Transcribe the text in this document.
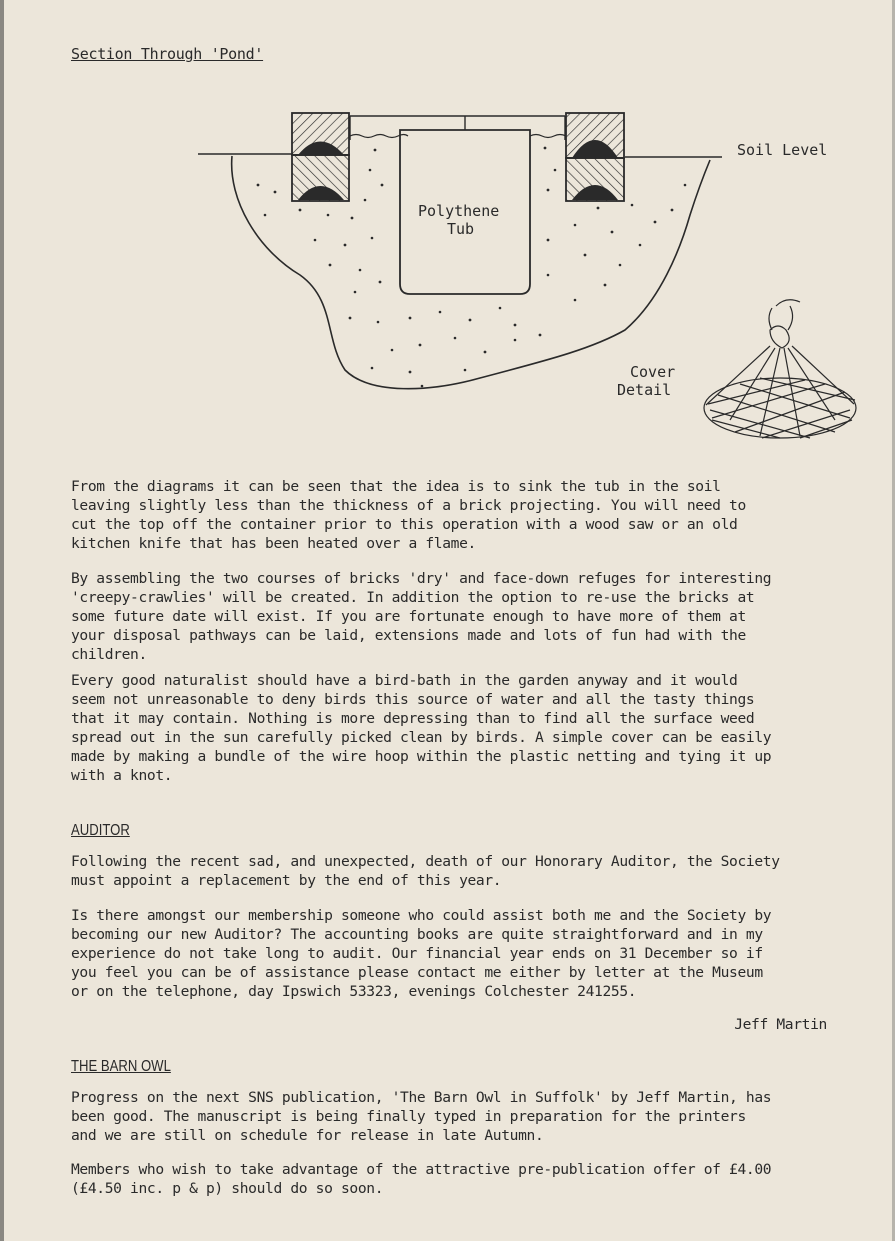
Section Through 'Pond'
Soil Level
Polythene
Tub
Cover
Detail

From the diagrams it can be seen that the idea is to sink the tub in the soil
leaving slightly less than the thickness of a brick projecting. You will need to
cut the top off the container prior to this operation with a wood saw or an old
kitchen knife that has been heated over a flame.

By assembling the two courses of bricks 'dry' and face-down refuges for interesting
'creepy-crawlies' will be created. In addition the option to re-use the bricks at
some future date will exist. If you are fortunate enough to have more of them at
your disposal pathways can be laid, extensions made and lots of fun had with the
children.

Every good naturalist should have a bird-bath in the garden anyway and it would
seem not unreasonable to deny birds this source of water and all the tasty things
that it may contain. Nothing is more depressing than to find all the surface weed
spread out in the sun carefully picked clean by birds. A simple cover can be easily
made by making a bundle of the wire hoop within the plastic netting and tying it up
with a knot.

AUDITOR

Following the recent sad, and unexpected, death of our Honorary Auditor, the Society
must appoint a replacement by the end of this year.

Is there amongst our membership someone who could assist both me and the Society by
becoming our new Auditor? The accounting books are quite straightforward and in my
experience do not take long to audit. Our financial year ends on 31 December so if
you feel you can be of assistance please contact me either by letter at the Museum
or on the telephone, day Ipswich 53323, evenings Colchester 241255.

Jeff Martin
THE BARN OWL

Progress on the next SNS publication, 'The Barn Owl in Suffolk' by Jeff Martin, has
been good. The manuscript is being finally typed in preparation for the printers
and we are still on schedule for release in late Autumn.

Members who wish to take advantage of the attractive pre-publication offer of £4.00
(£4.50 inc. p & p) should do so soon.
